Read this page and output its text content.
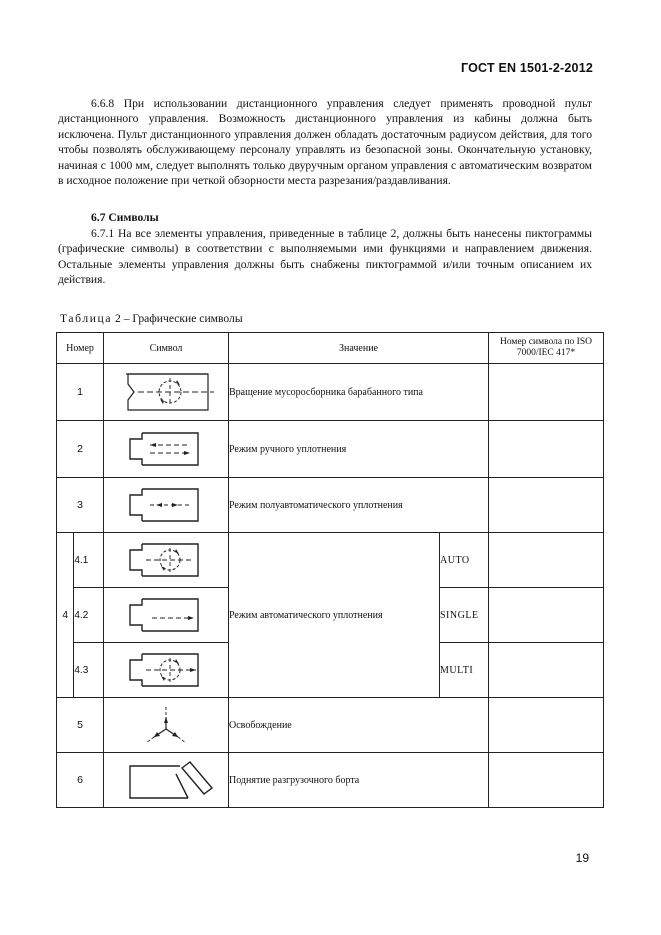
ГОСТ EN 1501-2-2012

6.6.8 При использовании дистанционного управления следует применять проводной пульт дистанционного управления. Возможность дистанционного управления из кабины должна быть исключена. Пульт дистанционного управления должен обладать достаточным радиусом действия, для того чтобы позволять обслуживающему персоналу управлять из безопасной зоны. Окончательную установку, начиная с 1000 мм, следует выполнять только двуручным органом управления с автоматическим возвратом в исходное положение при четкой обзорности места разрезания/раздавливания.

6.7 Символы

6.7.1 На все элементы управления, приведенные в таблице 2, должны быть нанесены пиктограммы (графические символы) в соответствии с выполняемыми ими функциями и направлением движения. Остальные элементы управления должны быть снабжены пиктограммой и/или точным описанием их действия.

Таблица 2 – Графические символы

Номер		Символ	Значение		Номер символа по ISO 7000/IEC 417*
1			Вращение мусоросборника барабанного типа		
2			Режим ручного уплотнения		
3			Режим полуавтоматического уплотнения		
4	4.1		Режим автоматического уплотнения	AUTO	
	4.2			SINGLE	
	4.3			MULTI	
5			Освобождение		
6			Поднятие разгрузочного борта		
19
